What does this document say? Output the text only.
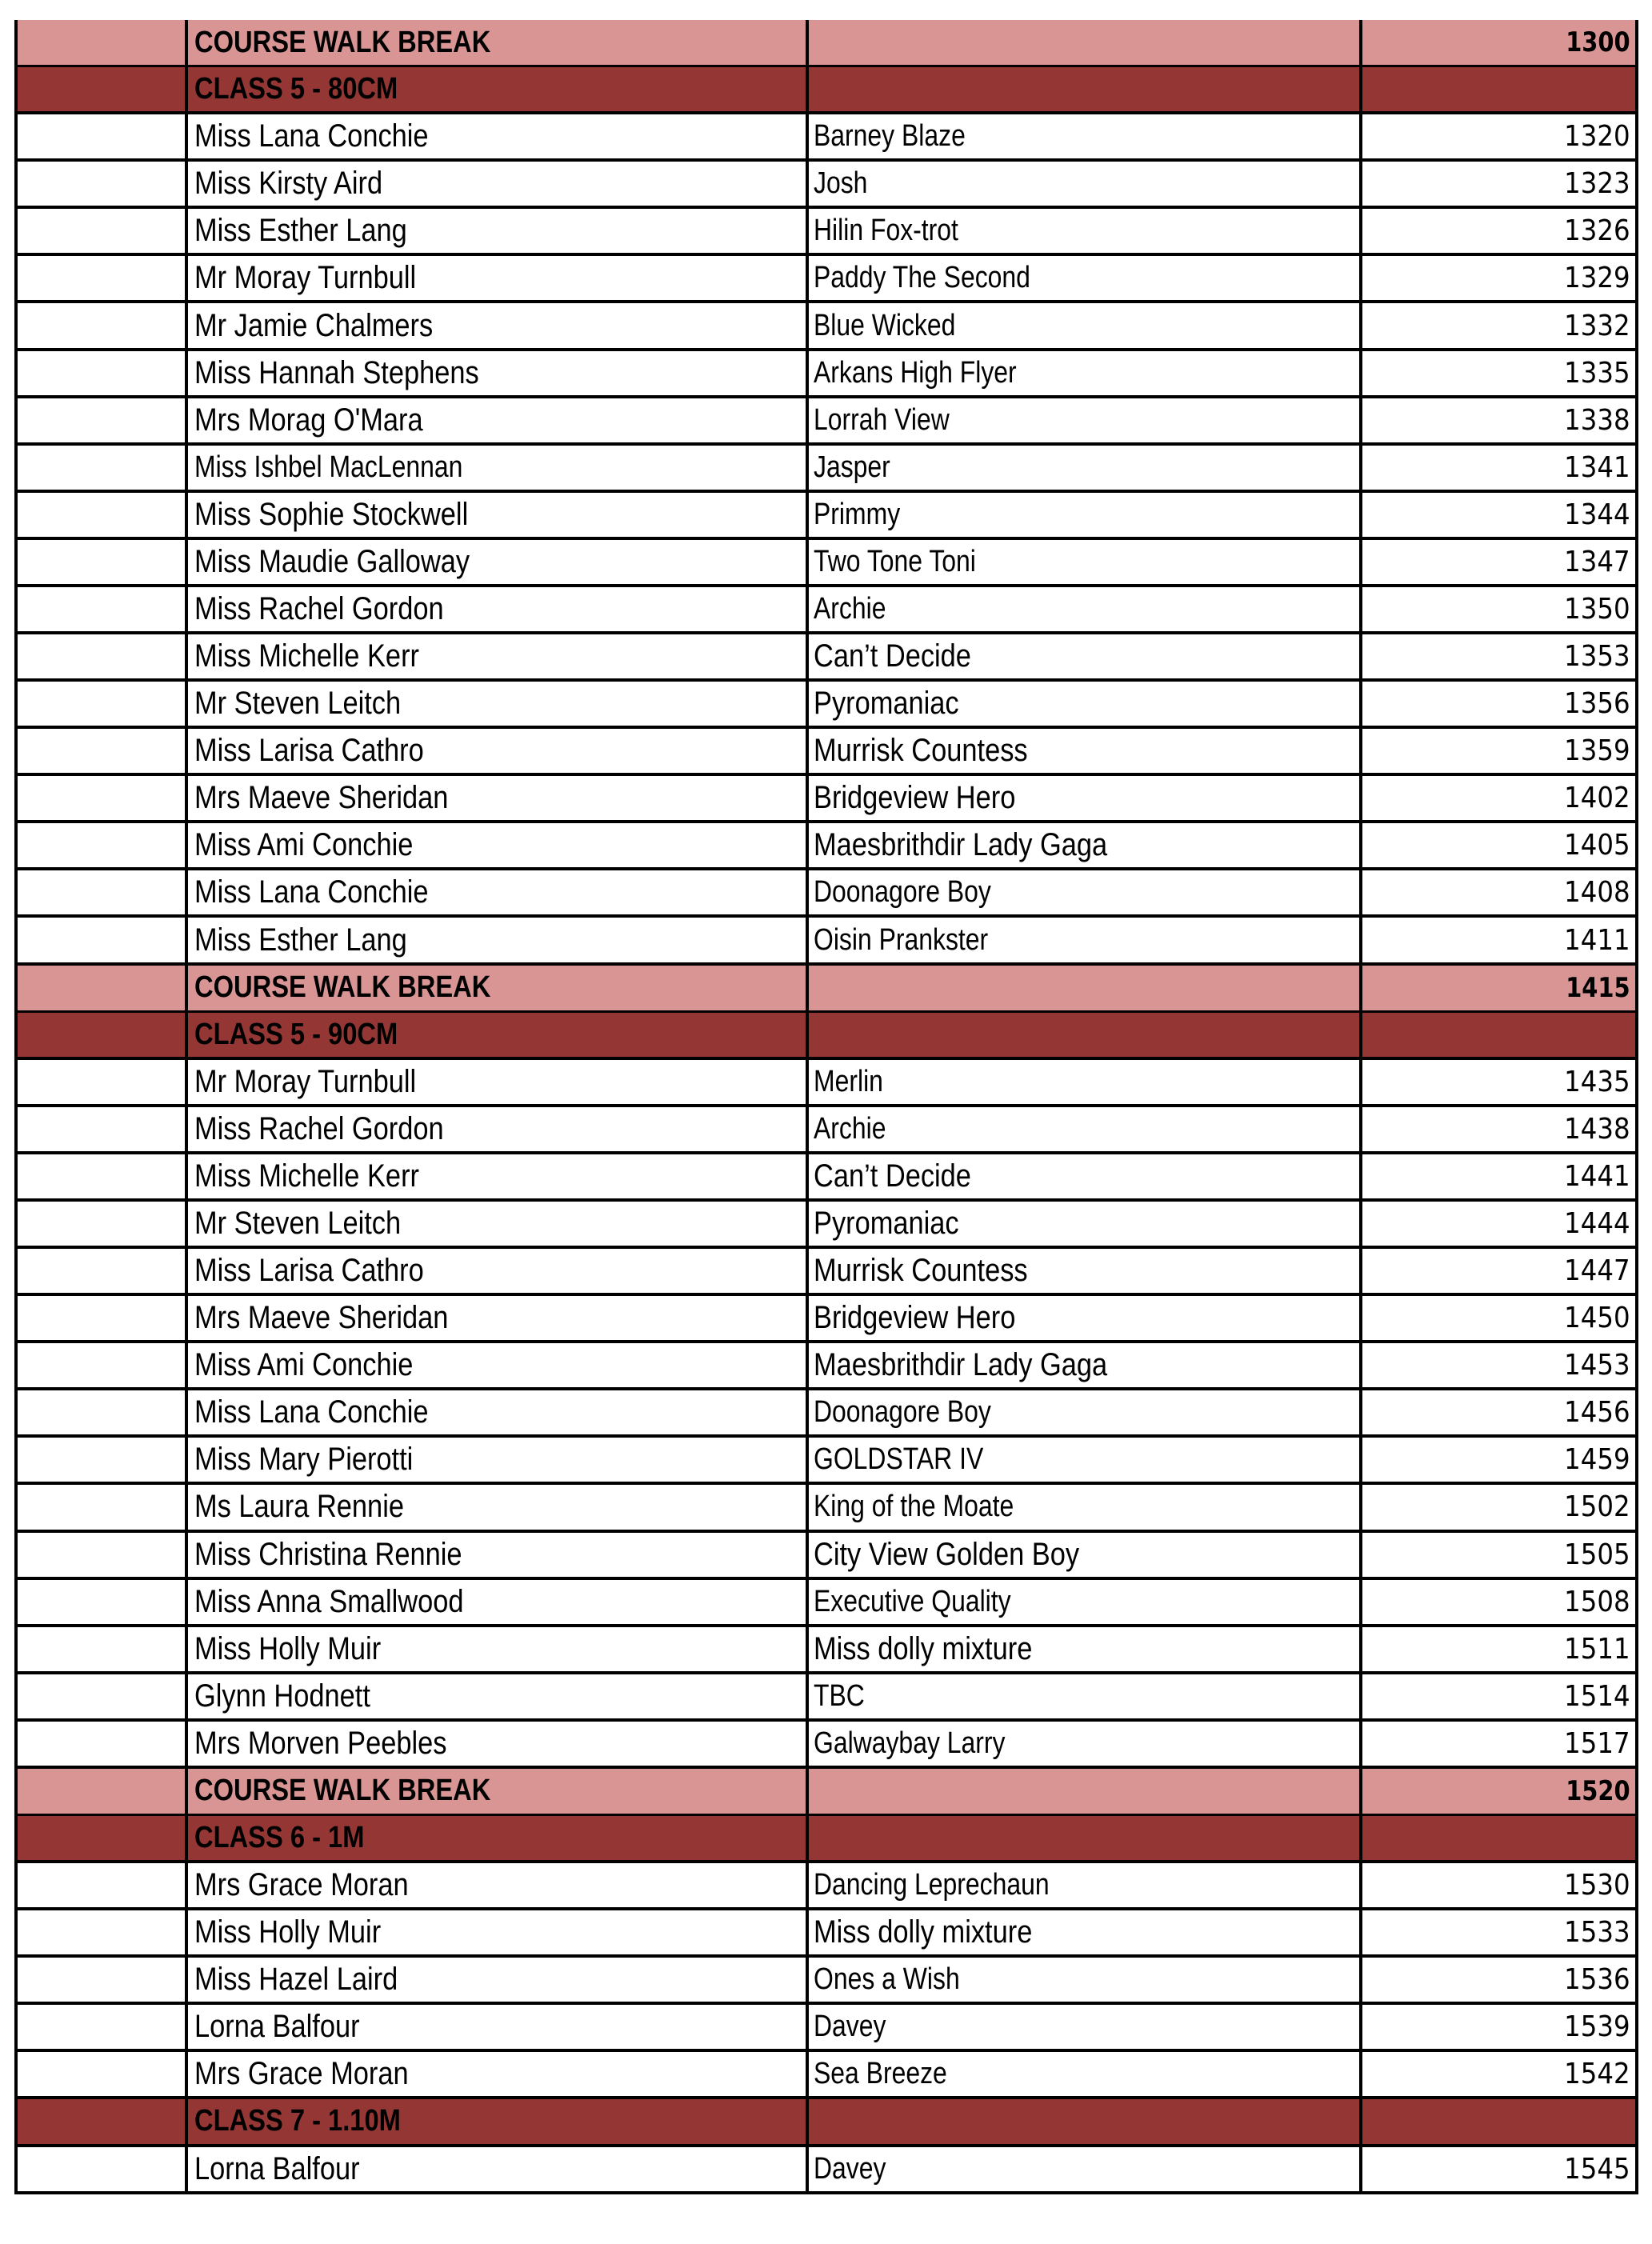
COURSE WALK BREAK	1300
CLASS 5 - 80CM
Miss Lana Conchie	Barney Blaze	1320
Miss Kirsty Aird	Josh	1323
Miss Esther Lang	Hilin Fox-trot	1326
Mr Moray Turnbull	Paddy The Second	1329
Mr Jamie Chalmers	Blue Wicked	1332
Miss Hannah Stephens	Arkans High Flyer	1335
Mrs Morag O'Mara	Lorrah View	1338
Miss Ishbel MacLennan	Jasper	1341
Miss Sophie Stockwell	Primmy	1344
Miss Maudie Galloway	Two Tone Toni	1347
Miss Rachel Gordon	Archie	1350
Miss Michelle Kerr	Can’t Decide	1353
Mr Steven Leitch	Pyromaniac	1356
Miss Larisa Cathro	Murrisk Countess	1359
Mrs Maeve Sheridan	Bridgeview Hero	1402
Miss Ami Conchie	Maesbrithdir Lady Gaga	1405
Miss Lana Conchie	Doonagore Boy	1408
Miss Esther Lang	Oisin Prankster	1411
COURSE WALK BREAK	1415
CLASS 5 - 90CM
Mr Moray Turnbull	Merlin	1435
Miss Rachel Gordon	Archie	1438
Miss Michelle Kerr	Can’t Decide	1441
Mr Steven Leitch	Pyromaniac	1444
Miss Larisa Cathro	Murrisk Countess	1447
Mrs Maeve Sheridan	Bridgeview Hero	1450
Miss Ami Conchie	Maesbrithdir Lady Gaga	1453
Miss Lana Conchie	Doonagore Boy	1456
Miss Mary Pierotti	GOLDSTAR IV	1459
Ms Laura Rennie	King of the Moate	1502
Miss Christina Rennie	City View Golden Boy	1505
Miss Anna Smallwood	Executive Quality	1508
Miss Holly Muir	Miss dolly mixture	1511
Glynn Hodnett	TBC	1514
Mrs Morven Peebles	Galwaybay Larry	1517
COURSE WALK BREAK	1520
CLASS 6 - 1M
Mrs Grace Moran	Dancing Leprechaun	1530
Miss Holly Muir	Miss dolly mixture	1533
Miss Hazel Laird	Ones a Wish	1536
Lorna Balfour	Davey	1539
Mrs Grace Moran	Sea Breeze	1542
CLASS 7 - 1.10M
Lorna Balfour	Davey	1545
